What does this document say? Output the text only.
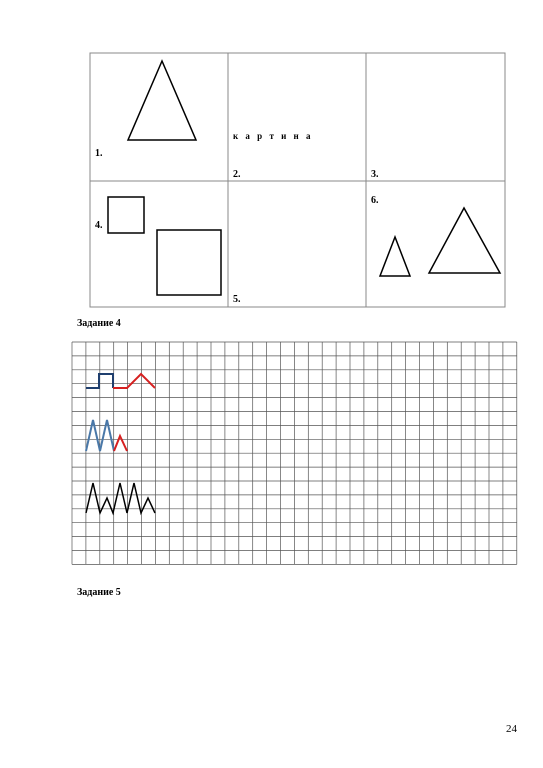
1.
к а р т и н а
2.	3.
4.
5.
6.
Задание 4
Задание 5
24
